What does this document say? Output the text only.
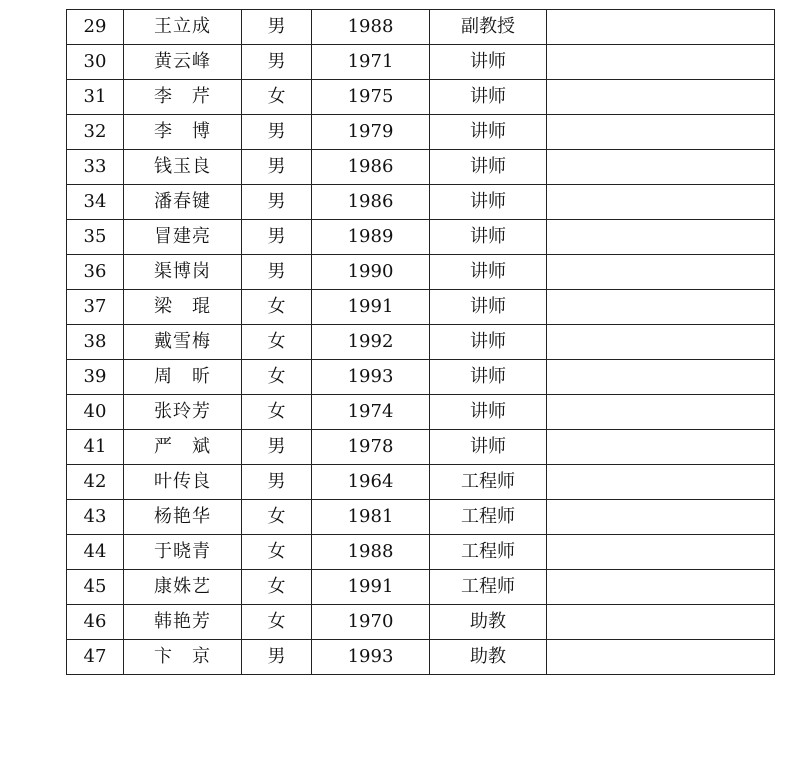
29	王立成	男	1988	副教授	
30	黄云峰	男	1971	讲师	
31	李　芹	女	1975	讲师	
32	李　博	男	1979	讲师	
33	钱玉良	男	1986	讲师	
34	潘春键	男	1986	讲师	
35	冒建亮	男	1989	讲师	
36	渠博岗	男	1990	讲师	
37	梁　琨	女	1991	讲师	
38	戴雪梅	女	1992	讲师	
39	周　昕	女	1993	讲师	
40	张玲芳	女	1974	讲师	
41	严　斌	男	1978	讲师	
42	叶传良	男	1964	工程师	
43	杨艳华	女	1981	工程师	
44	于晓青	女	1988	工程师	
45	康姝艺	女	1991	工程师	
46	韩艳芳	女	1970	助教	
47	卞　京	男	1993	助教	
